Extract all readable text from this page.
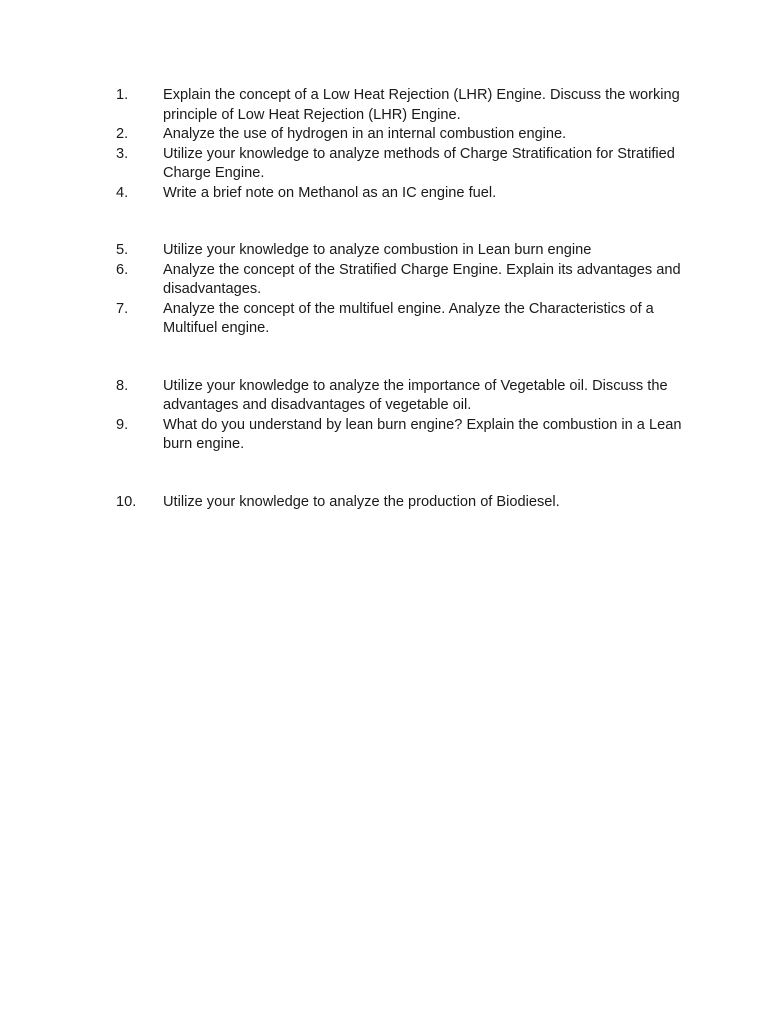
1.	Explain the concept of a Low Heat Rejection (LHR) Engine. Discuss the working principle of Low Heat Rejection (LHR) Engine.
2.	Analyze the use of hydrogen in an internal combustion engine.
3.	Utilize your knowledge to analyze methods of Charge Stratification for Stratified Charge Engine.
4.	Write a brief note on Methanol as an IC engine fuel.
5.	Utilize your knowledge to analyze combustion in Lean burn engine
6.	Analyze the concept of the Stratified Charge Engine. Explain its advantages and disadvantages.
7.	Analyze the concept of the multifuel engine. Analyze the Characteristics of a Multifuel engine.
8.	Utilize your knowledge to analyze the importance of Vegetable oil. Discuss the advantages and disadvantages of vegetable oil.
9.	What do you understand by lean burn engine? Explain the combustion in a Lean burn engine.
10.	Utilize your knowledge to analyze the production of Biodiesel.
